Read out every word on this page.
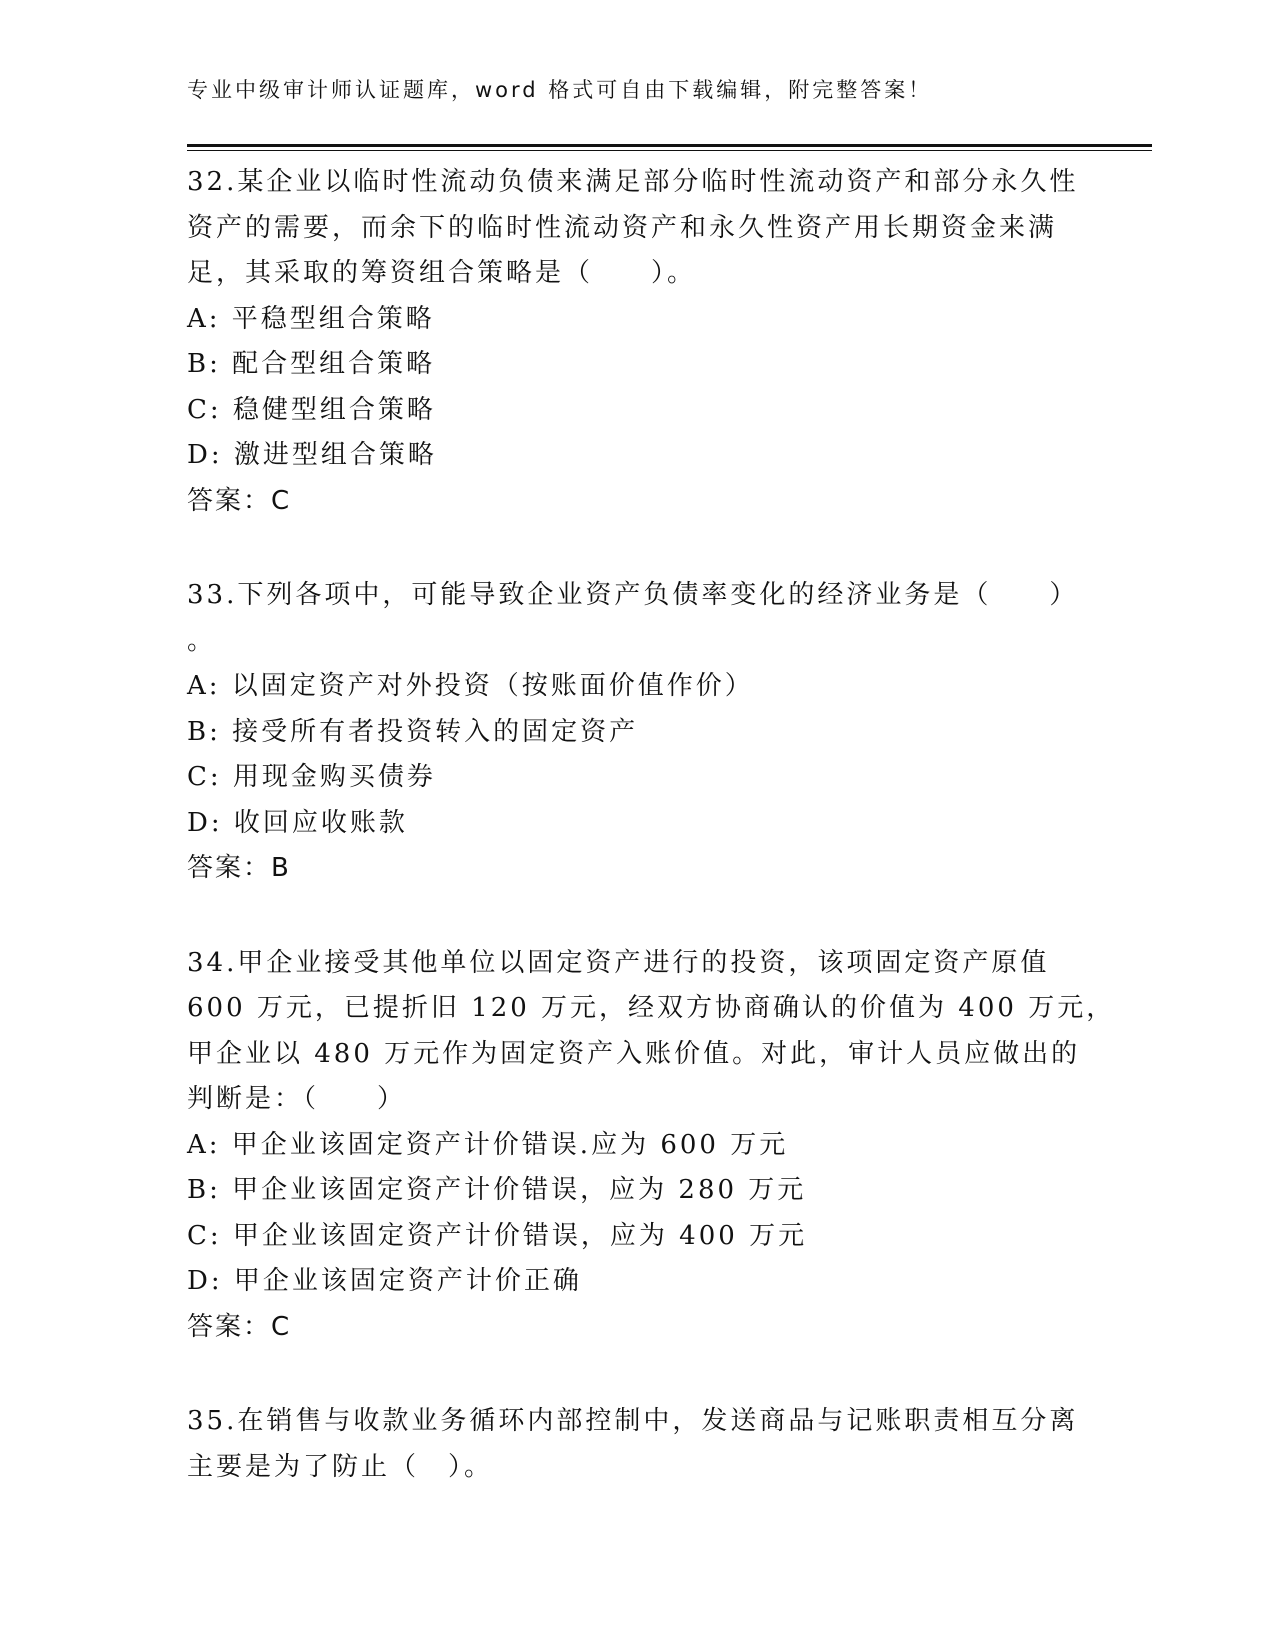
专业中级审计师认证题库，word 格式可自由下载编辑，附完整答案！
32.某企业以临时性流动负债来满足部分临时性流动资产和部分永久性
资产的需要，而余下的临时性流动资产和永久性资产用长期资金来满
足，其采取的筹资组合策略是（　　）。
A: 平稳型组合策略
B: 配合型组合策略
C: 稳健型组合策略
D: 激进型组合策略
答案：C
33.下列各项中，可能导致企业资产负债率变化的经济业务是（　　）
。
A: 以固定资产对外投资（按账面价值作价）
B: 接受所有者投资转入的固定资产
C: 用现金购买债券
D: 收回应收账款
答案：B
34.甲企业接受其他单位以固定资产进行的投资，该项固定资产原值
600 万元，已提折旧 120 万元，经双方协商确认的价值为 400 万元，
甲企业以 480 万元作为固定资产入账价值。对此，审计人员应做出的
判断是：（　　）
A: 甲企业该固定资产计价错误.应为 600 万元
B: 甲企业该固定资产计价错误，应为 280 万元
C: 甲企业该固定资产计价错误，应为 400 万元
D: 甲企业该固定资产计价正确
答案：C
35.在销售与收款业务循环内部控制中，发送商品与记账职责相互分离
主要是为了防止（　）。
